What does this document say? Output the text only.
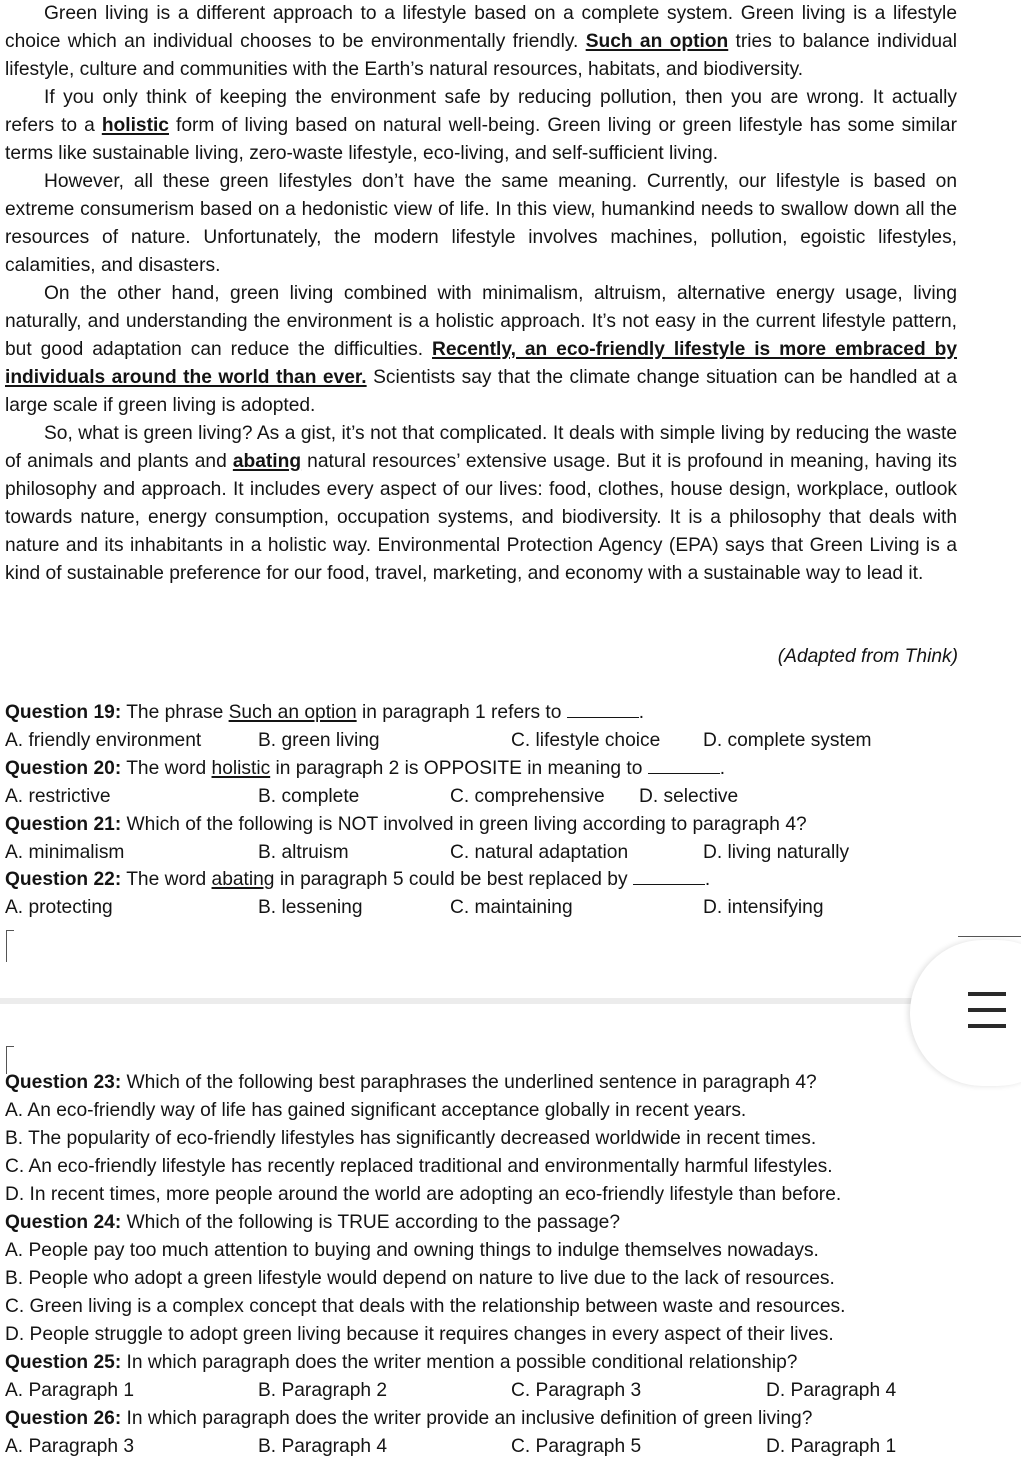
Green living is a different approach to a lifestyle based on a complete system. Green living is a lifestyle choice which an individual chooses to be environmentally friendly. Such an option tries to balance individual lifestyle, culture and communities with the Earth’s natural resources, habitats, and biodiversity.

If you only think of keeping the environment safe by reducing pollution, then you are wrong. It actually refers to a holistic form of living based on natural well-being. Green living or green lifestyle has some similar terms like sustainable living, zero-waste lifestyle, eco-living, and self-sufficient living.

However, all these green lifestyles don’t have the same meaning. Currently, our lifestyle is based on extreme consumerism based on a hedonistic view of life. In this view, humankind needs to swallow down all the resources of nature. Unfortunately, the modern lifestyle involves machines, pollution, egoistic lifestyles, calamities, and disasters.

On the other hand, green living combined with minimalism, altruism, alternative energy usage, living naturally, and understanding the environment is a holistic approach. It’s not easy in the current lifestyle pattern, but good adaptation can reduce the difficulties. Recently, an eco-friendly lifestyle is more embraced by individuals around the world than ever. Scientists say that the climate change situation can be handled at a large scale if green living is adopted.

So, what is green living? As a gist, it’s not that complicated. It deals with simple living by reducing the waste of animals and plants and abating natural resources’ extensive usage. But it is profound in meaning, having its philosophy and approach. It includes every aspect of our lives: food, clothes, house design, workplace, outlook towards nature, energy consumption, occupation systems, and biodiversity. It is a philosophy that deals with nature and its inhabitants in a holistic way. Environmental Protection Agency (EPA) says that Green Living is a kind of sustainable preference for our food, travel, marketing, and economy with a sustainable way to lead it.

(Adapted from Think)
Question 19: The phrase Such an option in paragraph 1 refers to	.
A. friendly environment	B. green living	C. lifestyle choice D. complete system
Question 20: The word holistic in paragraph 2 is OPPOSITE in meaning to	.
A. restrictive	B. complete	C. comprehensive D. selective
Question 21: Which of the following is NOT involved in green living according to paragraph 4?
A. minimalism	B. altruism	C. natural adaptation	D. living naturally
Question 22: The word abating in paragraph 5 could be best replaced by	.
A. protecting	B. lessening	C. maintaining	D. intensifying
Question 23: Which of the following best paraphrases the underlined sentence in paragraph 4?
A. An eco-friendly way of life has gained significant acceptance globally in recent years.
B. The popularity of eco-friendly lifestyles has significantly decreased worldwide in recent times.
C. An eco-friendly lifestyle has recently replaced traditional and environmentally harmful lifestyles.
D. In recent times, more people around the world are adopting an eco-friendly lifestyle than before.
Question 24: Which of the following is TRUE according to the passage?
A. People pay too much attention to buying and owning things to indulge themselves nowadays.
B. People who adopt a green lifestyle would depend on nature to live due to the lack of resources.
C. Green living is a complex concept that deals with the relationship between waste and resources.
D. People struggle to adopt green living because it requires changes in every aspect of their lives.
Question 25: In which paragraph does the writer mention a possible conditional relationship?
A. Paragraph 1	B. Paragraph 2	C. Paragraph 3	D. Paragraph 4
Question 26: In which paragraph does the writer provide an inclusive definition of green living?
A. Paragraph 3	B. Paragraph 4	C. Paragraph 5	D. Paragraph 1
